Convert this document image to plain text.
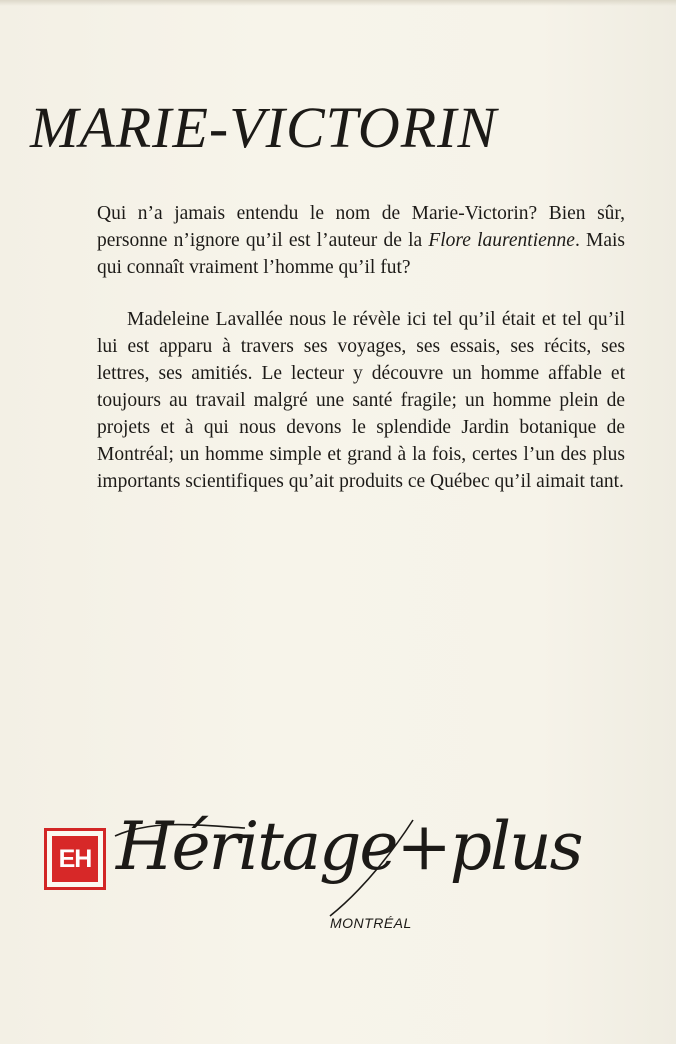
MARIE-VICTORIN

Qui n’a jamais entendu le nom de Marie-Victorin? Bien sûr, personne n’ignore qu’il est l’auteur de la Flore laurentienne. Mais qui connaît vraiment l’homme qu’il fut?

Madeleine Lavallée nous le révèle ici tel qu’il était et tel qu’il lui est apparu à travers ses voyages, ses essais, ses récits, ses lettres, ses amitiés. Le lecteur y découvre un homme affable et toujours au travail malgré une santé fragile; un homme plein de projets et à qui nous devons le splendide Jardin botanique de Montréal; un homme simple et grand à la fois, certes l’un des plus importants scientifiques qu’ait produits ce Québec qu’il aimait tant.

EH Héritage+plus
MONTRÉAL
